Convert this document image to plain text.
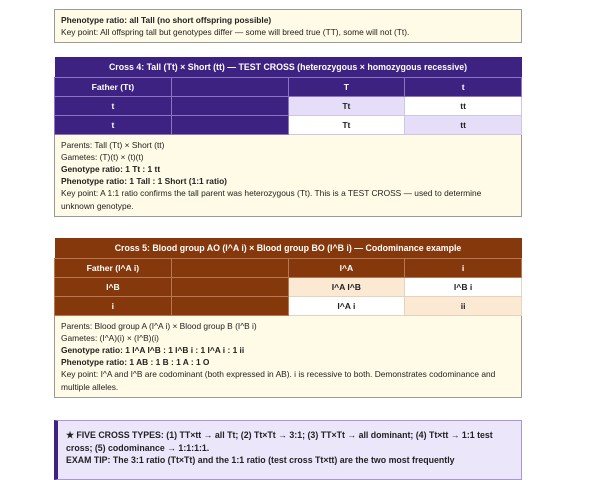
Phenotype ratio: all Tall (no short offspring possible)
Key point: All offspring tall but genotypes differ — some will breed true (TT), some will not (Tt).
Cross 4: Tall (Tt) × Short (tt) — TEST CROSS (heterozygous × homozygous recessive)			
Father (Tt)		T	t
t		Tt	tt
t		Tt	tt
Parents: Tall (Tt) × Short (tt)
Gametes: (T)(t) × (t)(t)
Genotype ratio: 1 Tt : 1 tt
Phenotype ratio: 1 Tall : 1 Short (1:1 ratio)
Key point: A 1:1 ratio confirms the tall parent was heterozygous (Tt). This is a TEST CROSS — used to determine unknown genotype.
Cross 5: Blood group AO (I^A i) × Blood group BO (I^B i) — Codominance example			
Father (I^A i)		I^A	i
I^B		I^A I^B	I^B i
i		I^A i	ii
Parents: Blood group A (I^A i) × Blood group B (I^B i)
Gametes: (I^A)(i) × (I^B)(i)
Genotype ratio: 1 I^A I^B : 1 I^B i : 1 I^A i : 1 ii
Phenotype ratio: 1 AB : 1 B : 1 A : 1 O
Key point: I^A and I^B are codominant (both expressed in AB). i is recessive to both. Demonstrates codominance and multiple alleles.
★ FIVE CROSS TYPES: (1) TT×tt → all Tt; (2) Tt×Tt → 3:1; (3) TT×Tt → all dominant; (4) Tt×tt → 1:1 test cross; (5) codominance → 1:1:1:1.
EXAM TIP: The 3:1 ratio (Tt×Tt) and the 1:1 ratio (test cross Tt×tt) are the two most frequently
